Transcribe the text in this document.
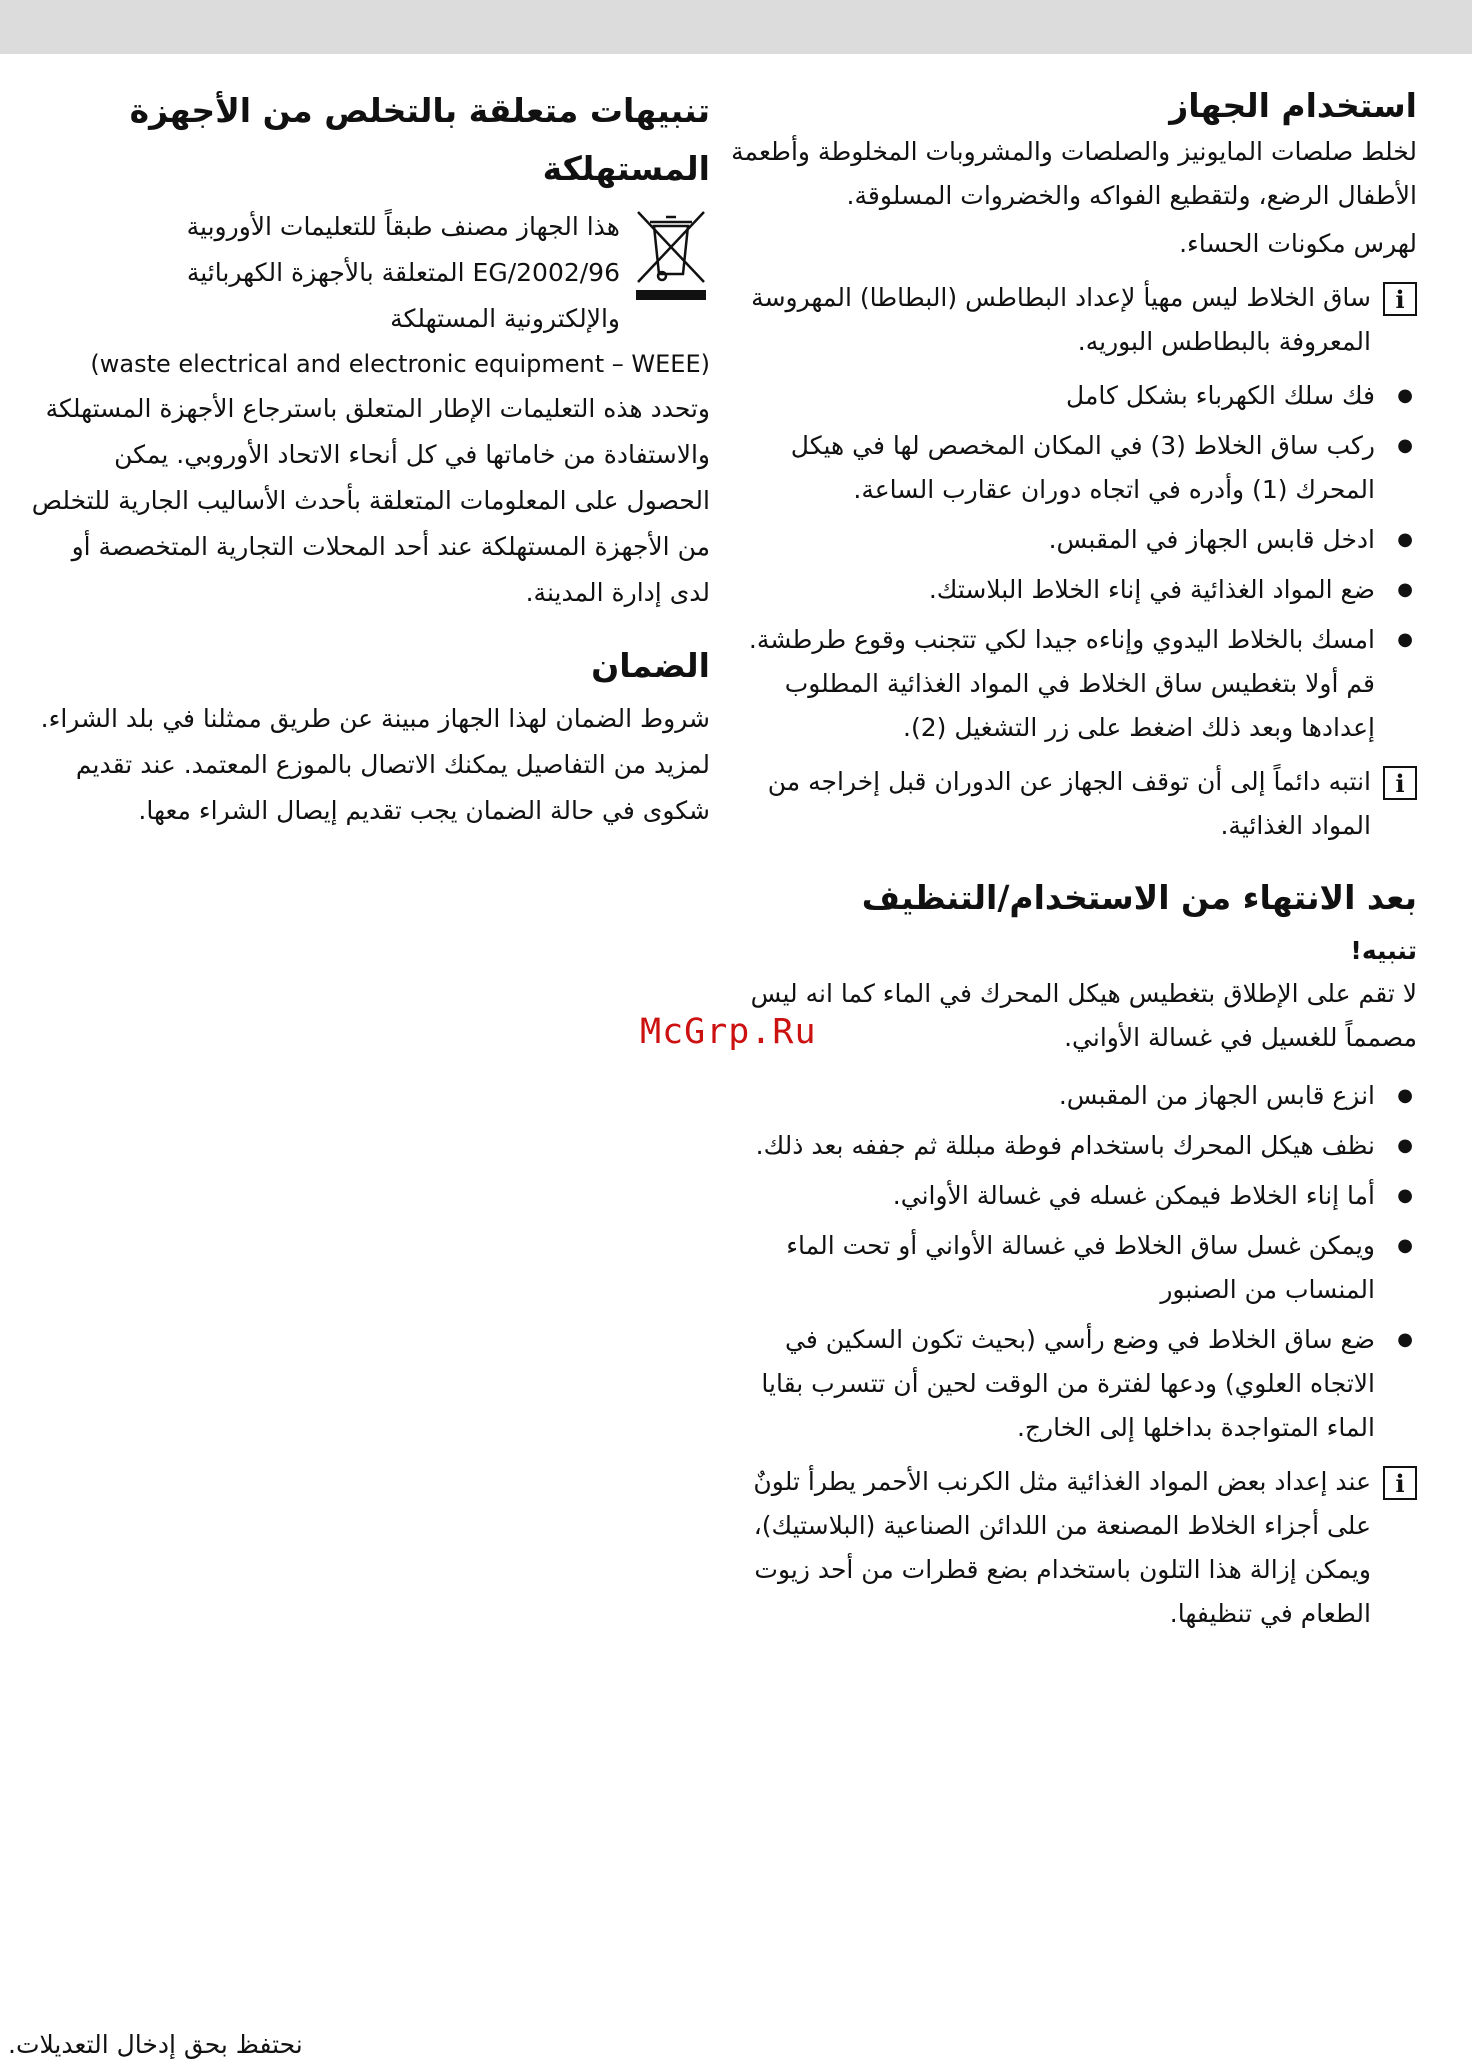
استخدام الجهاز

لخلط صلصات المايونيز والصلصات والمشروبات المخلوطة وأطعمة الأطفال الرضع، ولتقطيع الفواكه والخضروات المسلوقة.

لهرس مكونات الحساء.

i

ساق الخلاط ليس مهيأ لإعداد البطاطس (البطاطا) المهروسة المعروفة بالبطاطس البوريه.

● فك سلك الكهرباء بشكل كامل
● ركب ساق الخلاط (3) في المكان المخصص لها في هيكل المحرك (1) وأدره في اتجاه دوران عقارب الساعة.
● ادخل قابس الجهاز في المقبس.
● ضع المواد الغذائية في إناء الخلاط البلاستك.
● امسك بالخلاط اليدوي وإناءه جيدا لكي تتجنب وقوع طرطشة. قم أولا بتغطيس ساق الخلاط في المواد الغذائية المطلوب إعدادها وبعد ذلك اضغط على زر التشغيل (2).
i

انتبه دائماً إلى أن توقف الجهاز عن الدوران قبل إخراجه من المواد الغذائية.

بعد الانتهاء من الاستخدام/التنظيف
تنبيه!

لا تقم على الإطلاق بتغطيس هيكل المحرك في الماء كما انه ليس مصمماً للغسيل في غسالة الأواني.

● انزع قابس الجهاز من المقبس.
● نظف هيكل المحرك باستخدام فوطة مبللة ثم جففه بعد ذلك.
● أما إناء الخلاط فيمكن غسله في غسالة الأواني.
● ويمكن غسل ساق الخلاط في غسالة الأواني أو تحت الماء المنساب من الصنبور
● ضع ساق الخلاط في وضع رأسي (بحيث تكون السكين في الاتجاه العلوي) ودعها لفترة من الوقت لحين أن تتسرب بقايا الماء المتواجدة بداخلها إلى الخارج.
i

عند إعداد بعض المواد الغذائية مثل الكرنب الأحمر يطرأ تلونٌ على أجزاء الخلاط المصنعة من اللدائن الصناعية (البلاستيك)، ويمكن إزالة هذا التلون باستخدام بضع قطرات من أحد زيوت الطعام في تنظيفها.

تنبيهات متعلقة بالتخلص من الأجهزة المستهلكة

هذا الجهاز مصنف طبقاً للتعليمات الأوروبية

2002/96/EG المتعلقة بالأجهزة الكهربائية

والإلكترونية المستهلكة

(waste electrical and electronic equipment – WEEE)

وتحدد هذه التعليمات الإطار المتعلق باسترجاع الأجهزة المستهلكة والاستفادة من خاماتها في كل أنحاء الاتحاد الأوروبي. يمكن الحصول على المعلومات المتعلقة بأحدث الأساليب الجارية للتخلص من الأجهزة المستهلكة عند أحد المحلات التجارية المتخصصة أو لدى إدارة المدينة.

الضمان

شروط الضمان لهذا الجهاز مبينة عن طريق ممثلنا في بلد الشراء. لمزيد من التفاصيل يمكنك الاتصال بالموزع المعتمد. عند تقديم شكوى في حالة الضمان يجب تقديم إيصال الشراء معها.

نحتفظ بحق إدخال التعديلات.
McGrp.Ru
